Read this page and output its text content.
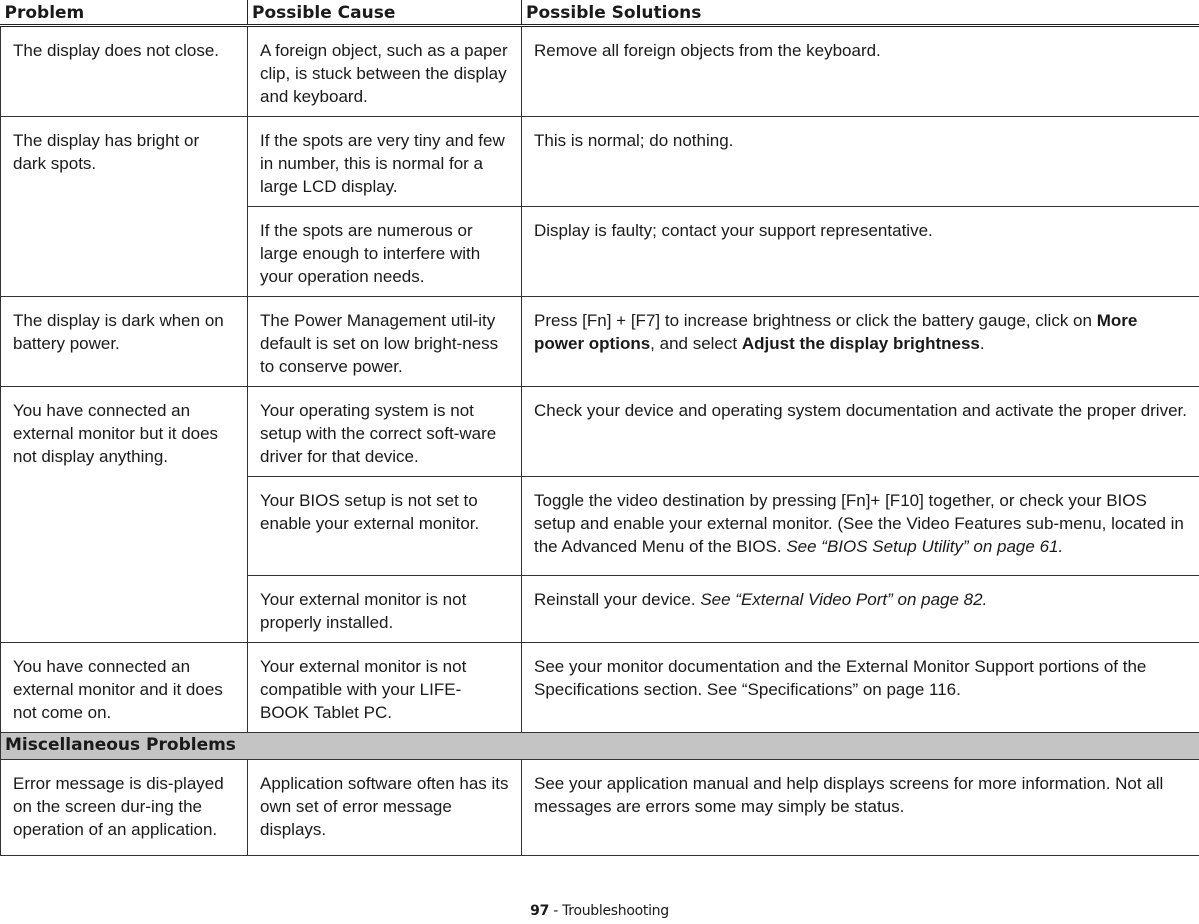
Problem	Possible Cause	Possible Solutions
The display does not close.	A foreign object, such as a paper clip, is stuck between the display and keyboard.	Remove all foreign objects from the keyboard.
The display has bright or dark spots.	If the spots are very tiny and few in number, this is normal for a large LCD display.	This is normal; do nothing.
	If the spots are numerous or large enough to interfere with your operation needs.	Display is faulty; contact your support representative.
The display is dark when on battery power.	The Power Management util-ity default is set on low bright-ness to conserve power.	Press [Fn] + [F7] to increase brightness or click the battery gauge, click on More power options, and select Adjust the display brightness.
You have connected an external monitor but it does not display anything.	Your operating system is not setup with the correct soft-ware driver for that device.	Check your device and operating system documentation and activate the proper driver.
	Your BIOS setup is not set to enable your external monitor.	Toggle the video destination by pressing [Fn]+ [F10] together, or check your BIOS setup and enable your external monitor. (See the Video Features sub-menu, located in the Advanced Menu of the BIOS. See “BIOS Setup Utility” on page 61.
	Your external monitor is not properly installed.	Reinstall your device. See “External Video Port” on page 82.
You have connected an external monitor and it does not come on.	Your external monitor is not compatible with your LIFE-BOOK Tablet PC.	See your monitor documentation and the External Monitor Support portions of the Specifications section. See “Specifications” on page 116.
Miscellaneous Problems		
Error message is dis-played on the screen dur-ing the operation of an application.	Application software often has its own set of error message displays.	See your application manual and help displays screens for more information. Not all messages are errors some may simply be status.
97 - Troubleshooting
